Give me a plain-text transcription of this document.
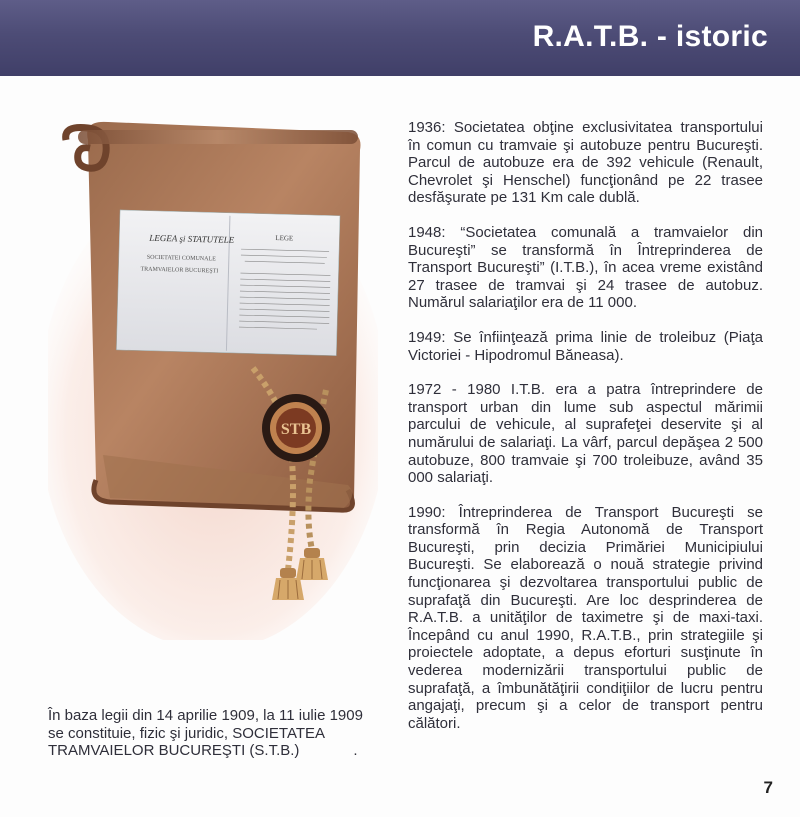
R.A.T.B. - istoric
LEGEA şi STATUTELE
SOCIETATEI COMUNALE
TRAMVAIELOR BUCUREŞTI
LEGE
STB

În baza legii din 14 aprilie 1909, la 11 iulie 1909 se constituie, fizic şi juridic, SOCIETATEA TRAMVAIELOR BUCUREŞTI (S.T.B.)	.

1936: Societatea obţine exclusivitatea transportului în comun cu tramvaie şi autobuze pentru Bucureşti. Parcul de autobuze era de 392 vehicule (Renault, Chevrolet şi Henschel) funcţionând pe 22 trasee desfăşurate pe 131 Km cale dublă.

1948: “Societatea comunală a tramvaielor din Bucureşti” se transformă în Întreprinderea de Transport Bucureşti” (I.T.B.), în acea vreme existând 27 trasee de tramvai şi 24 trasee de autobuz. Numărul salariaţilor era de 11 000.

1949: Se înfiinţează prima linie de troleibuz (Piaţa Victoriei - Hipodromul Băneasa).

1972 - 1980 I.T.B. era a patra întreprindere de transport urban din lume sub aspectul mărimii parcului de vehicule, al suprafeţei deservite şi al numărului de salariaţi. La vârf, parcul depăşea 2 500 autobuze, 800 tramvaie şi 700 troleibuze, având 35 000 salariaţi.

1990: Întreprinderea de Transport Bucureşti se transformă în Regia Autonomă de Transport Bucureşti, prin decizia Primăriei Municipiului Bucureşti. Se elaborează o nouă strategie privind funcţionarea şi dezvoltarea transportului public de suprafaţă din Bucureşti. Are loc desprinderea de R.A.T.B. a unităţilor de taximetre şi de maxi-taxi. Începând cu anul 1990, R.A.T.B., prin strategiile şi proiectele adoptate, a depus eforturi susţinute în vederea modernizării transportului public de suprafaţă, a îmbunătăţirii condiţiilor de lucru pentru angajaţi, precum şi a celor de transport pentru călători.

7
